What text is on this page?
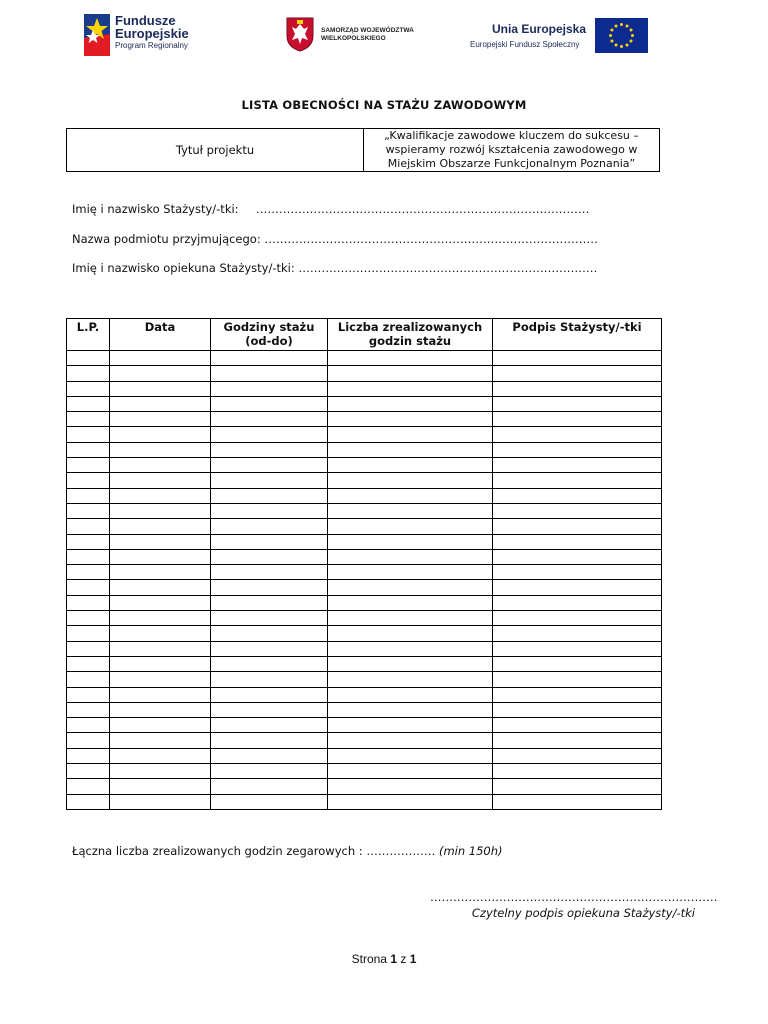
Fundusze
Europejskie
Program Regionalny
SAMORZĄD WOJEWÓDZTWA
WIELKOPOLSKIEGO
Unia Europejska
Europejski Fundusz Społeczny
LISTA OBECNOŚCI NA STAŻU ZAWODOWYM
Tytuł projektu
„Kwalifikacje zawodowe kluczem do sukcesu – wspieramy rozwój kształcenia zawodowego w Miejskim Obszarze Funkcjonalnym Poznania”
Imię i nazwisko Stażysty/-tki: ……………………………………………………………………………
Nazwa podmiotu przyjmującego: ……………………………………………………………………………
Imię i nazwisko opiekuna Stażysty/-tki: ……………………………………………………………………
L.P.	Data	Godziny stażu (od-do)	Liczba zrealizowanych godzin stażu	Podpis Stażysty/-tki

Łączna liczba zrealizowanych godzin zegarowych : ……………… (min 150h)
…………………………………………………………………
Czytelny podpis opiekuna Stażysty/-tki
Strona 1 z 1
